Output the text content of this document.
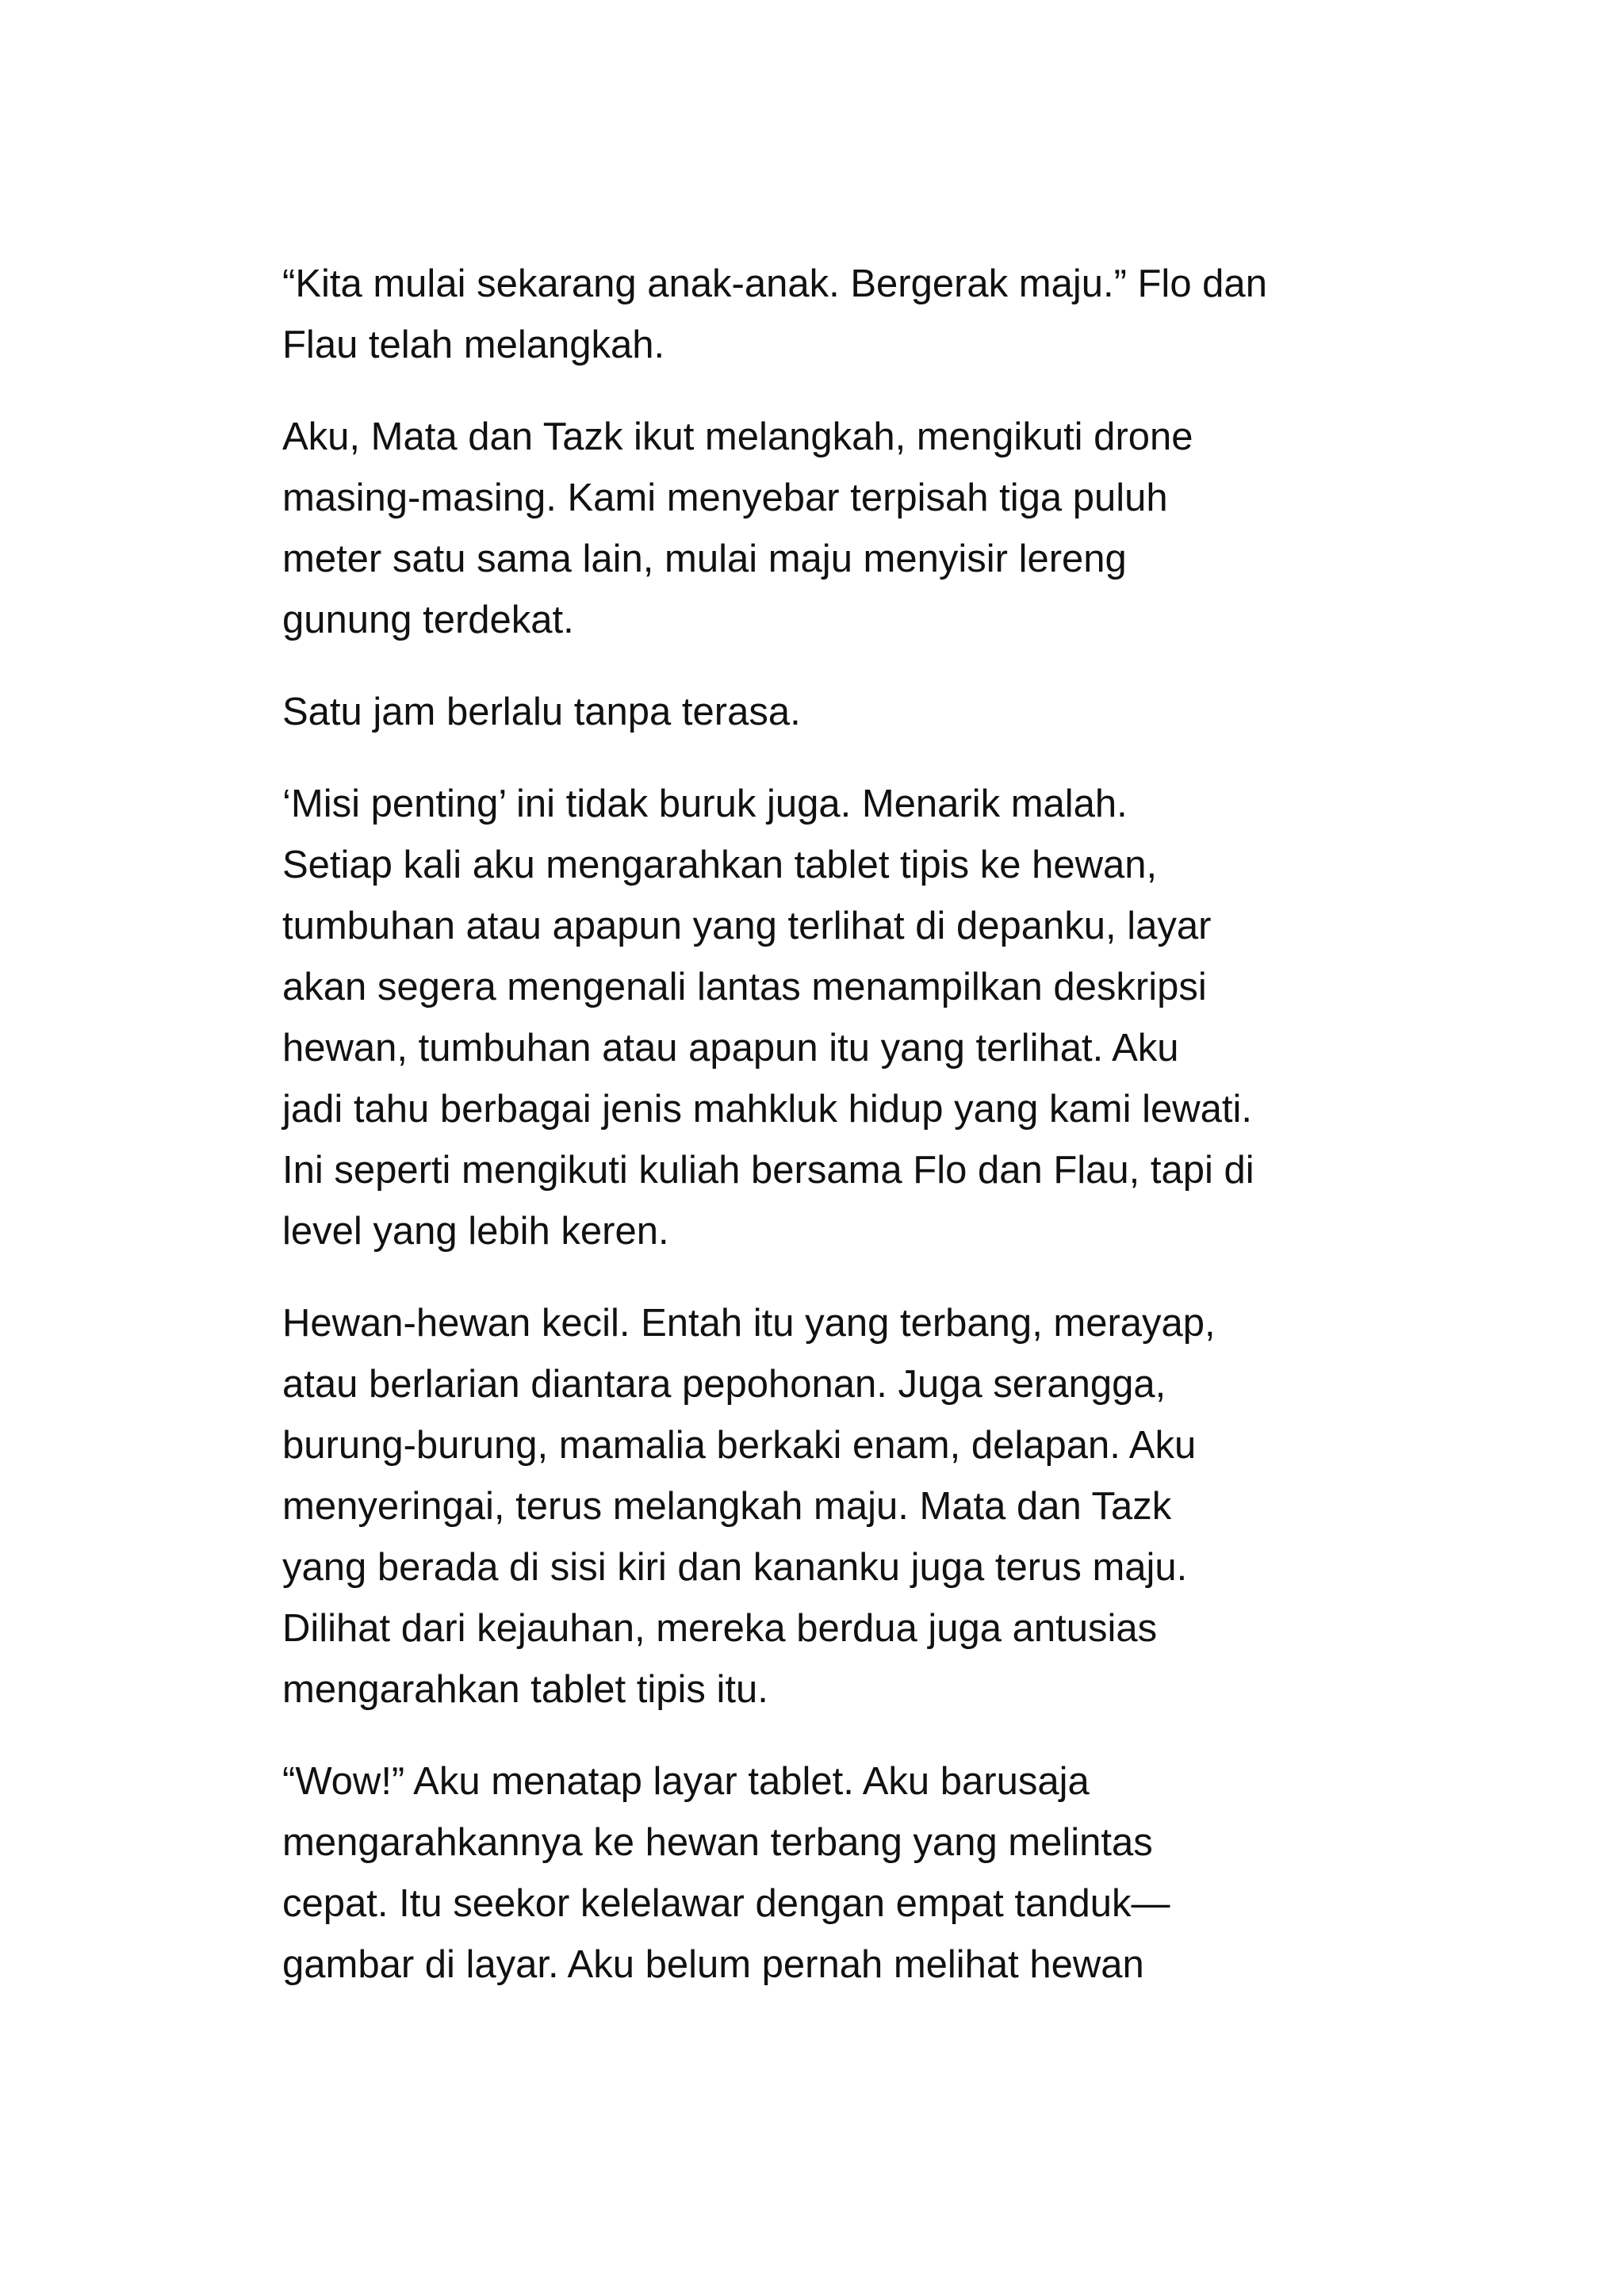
“Kita mulai sekarang anak-anak. Bergerak maju.” Flo dan
Flau telah melangkah.

Aku, Mata dan Tazk ikut melangkah, mengikuti drone
masing-masing. Kami menyebar terpisah tiga puluh
meter satu sama lain, mulai maju menyisir lereng
gunung terdekat.

Satu jam berlalu tanpa terasa.

‘Misi penting’ ini tidak buruk juga. Menarik malah.
Setiap kali aku mengarahkan tablet tipis ke hewan,
tumbuhan atau apapun yang terlihat di depanku, layar
akan segera mengenali lantas menampilkan deskripsi
hewan, tumbuhan atau apapun itu yang terlihat. Aku
jadi tahu berbagai jenis mahkluk hidup yang kami lewati.
Ini seperti mengikuti kuliah bersama Flo dan Flau, tapi di
level yang lebih keren.

Hewan-hewan kecil. Entah itu yang terbang, merayap,
atau berlarian diantara pepohonan. Juga serangga,
burung-burung, mamalia berkaki enam, delapan. Aku
menyeringai, terus melangkah maju. Mata dan Tazk
yang berada di sisi kiri dan kananku juga terus maju.
Dilihat dari kejauhan, mereka berdua juga antusias
mengarahkan tablet tipis itu.

“Wow!” Aku menatap layar tablet. Aku barusaja
mengarahkannya ke hewan terbang yang melintas
cepat. Itu seekor kelelawar dengan empat tanduk—
gambar di layar. Aku belum pernah melihat hewan
